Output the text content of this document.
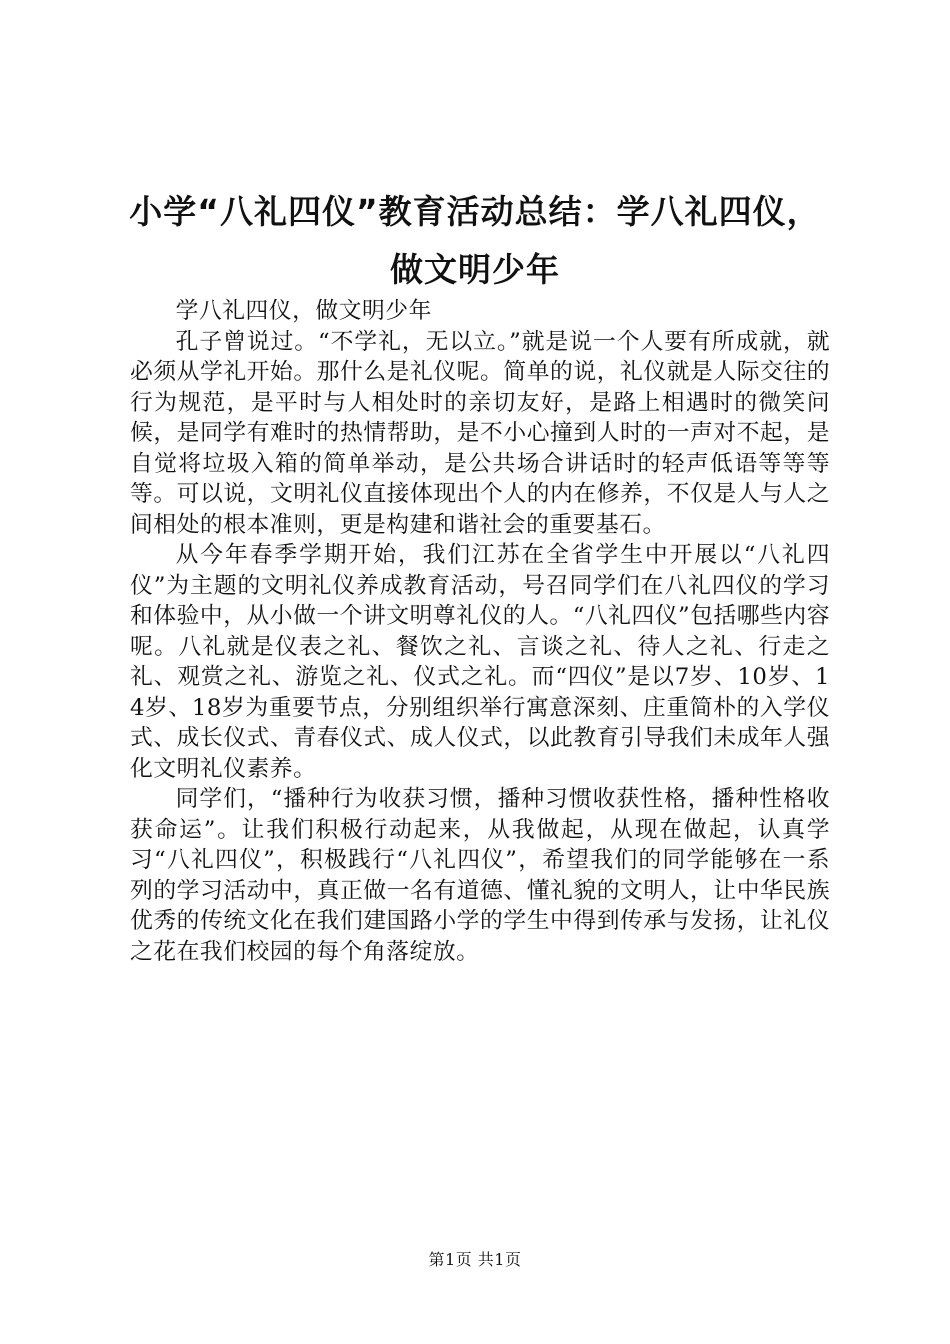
小学“八礼四仪”教育活动总结：学八礼四仪，
做文明少年

学八礼四仪，做文明少年

孔子曾说过。“不学礼，无以立。”就是说一个人要有所成就，就必须从学礼开始。那什么是礼仪呢。简单的说，礼仪就是人际交往的行为规范，是平时与人相处时的亲切友好，是路上相遇时的微笑问候，是同学有难时的热情帮助，是不小心撞到人时的一声对不起，是自觉将垃圾入箱的简单举动，是公共场合讲话时的轻声低语等等等等。可以说，文明礼仪直接体现出个人的内在修养，不仅是人与人之间相处的根本准则，更是构建和谐社会的重要基石。

从今年春季学期开始，我们江苏在全省学生中开展以“八礼四仪”为主题的文明礼仪养成教育活动，号召同学们在八礼四仪的学习和体验中，从小做一个讲文明尊礼仪的人。“八礼四仪”包括哪些内容呢。八礼就是仪表之礼、餐饮之礼、言谈之礼、待人之礼、行走之礼、观赏之礼、游览之礼、仪式之礼。而“四仪”是以7岁、10岁、14岁、18岁为重要节点，分别组织举行寓意深刻、庄重简朴的入学仪式、成长仪式、青春仪式、成人仪式，以此教育引导我们未成年人强化文明礼仪素养。

同学们，“播种行为收获习惯，播种习惯收获性格，播种性格收获命运”。让我们积极行动起来，从我做起，从现在做起，认真学习“八礼四仪”，积极践行“八礼四仪”，希望我们的同学能够在一系列的学习活动中，真正做一名有道德、懂礼貌的文明人，让中华民族优秀的传统文化在我们建国路小学的学生中得到传承与发扬，让礼仪之花在我们校园的每个角落绽放。

第1页 共1页
